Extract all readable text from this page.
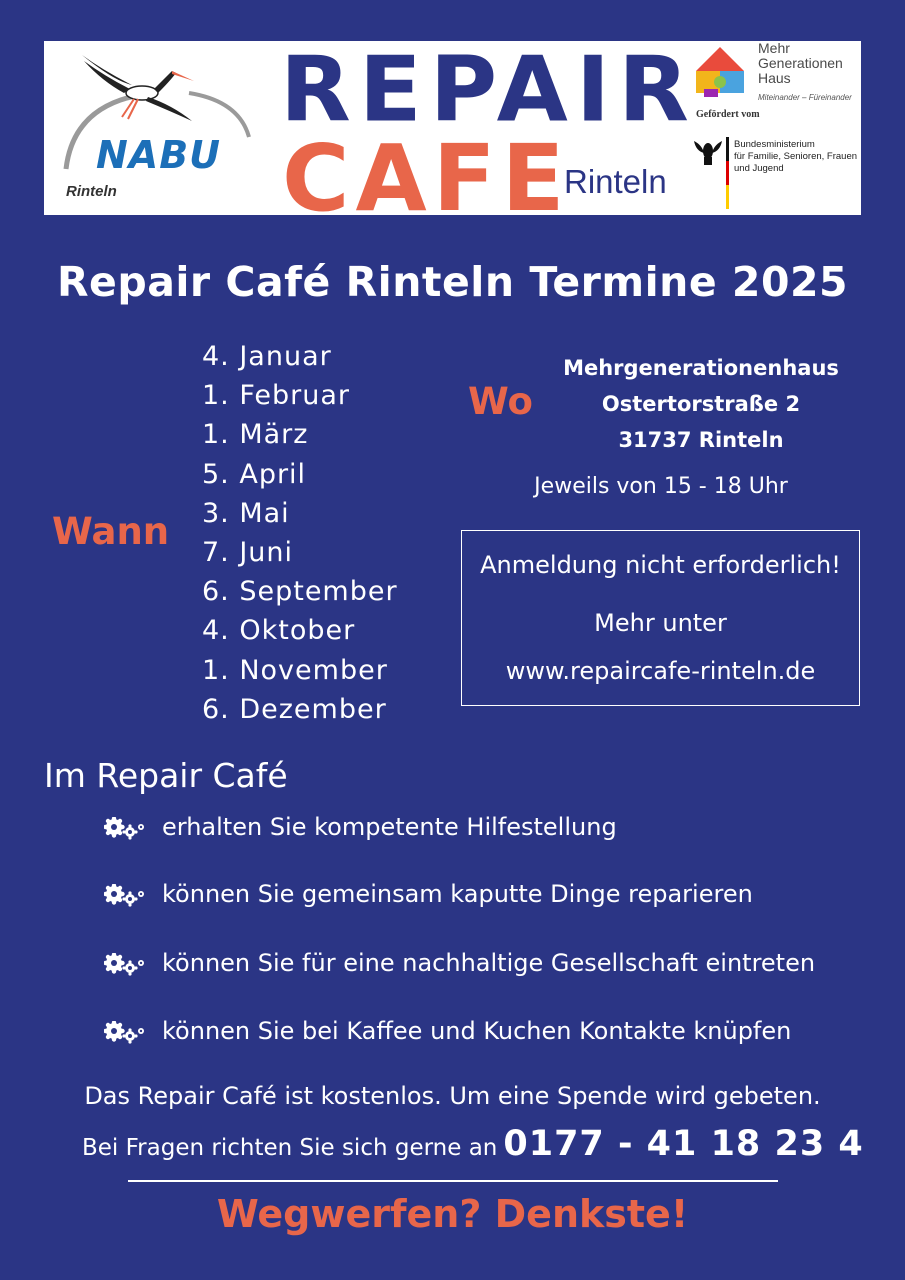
NABU
Rinteln
REPAIR
CAFE
Rinteln
Mehr
Generationen
Haus
Miteinander – Füreinander
Gefördert vom
Bundesministerium
für Familie, Senioren, Frauen
und Jugend
Repair Café Rinteln Termine 2025
Wann
4. Januar
1. Februar
1. März
5. April
3. Mai
7. Juni
6. September
4. Oktober
1. November
6. Dezember
Wo
Mehrgenerationenhaus
Ostertorstraße 2
31737 Rinteln
Jeweils von 15 - 18 Uhr
Anmeldung nicht erforderlich!
Mehr unter
www.repaircafe-rinteln.de
Im Repair Café
erhalten Sie kompetente Hilfestellung
können Sie gemeinsam kaputte Dinge reparieren
können Sie für eine nachhaltige Gesellschaft eintreten
können Sie bei Kaffee und Kuchen Kontakte knüpfen
Das Repair Café ist kostenlos. Um eine Spende wird gebeten.
Bei Fragen richten Sie sich gerne an 0177 - 41 18 23 4
Wegwerfen? Denkste!
